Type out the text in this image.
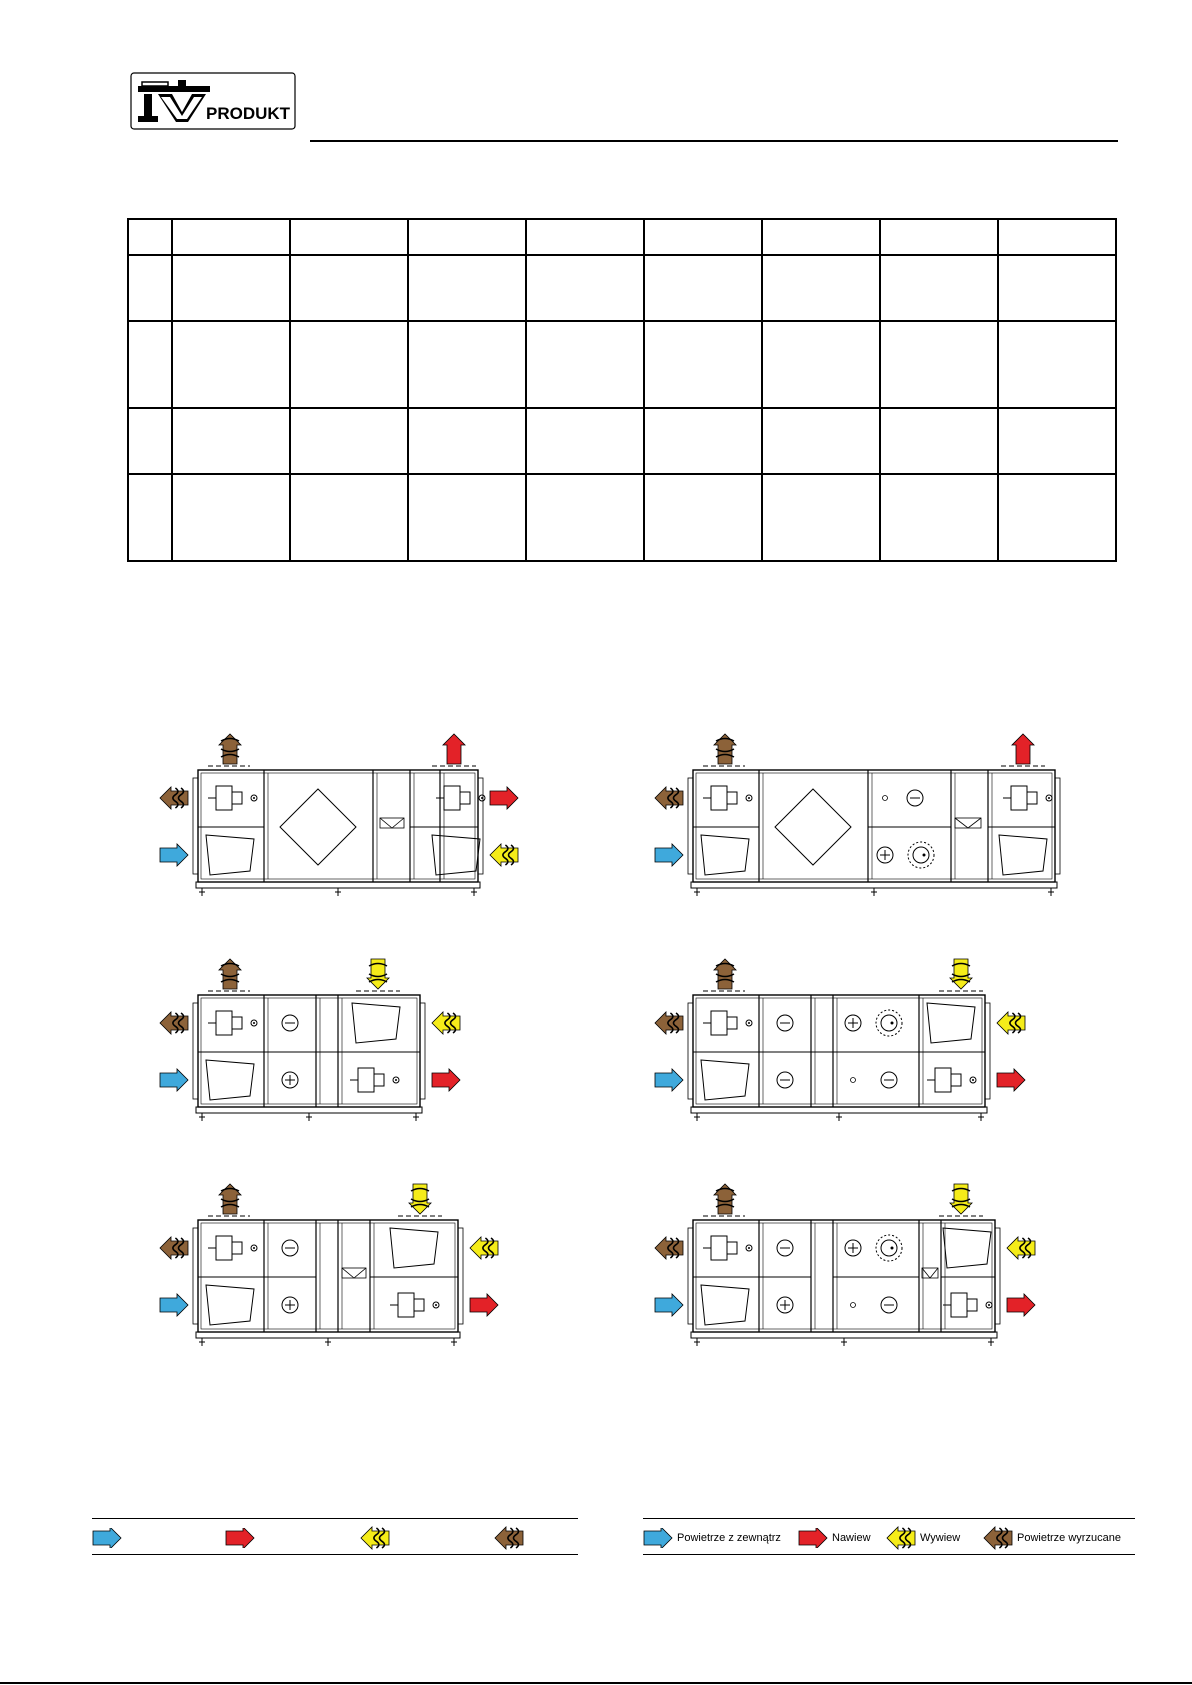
PRODUKT

Powietrze z zewnątrz	Nawiew	Wywiew	Powietrze wyrzucane
